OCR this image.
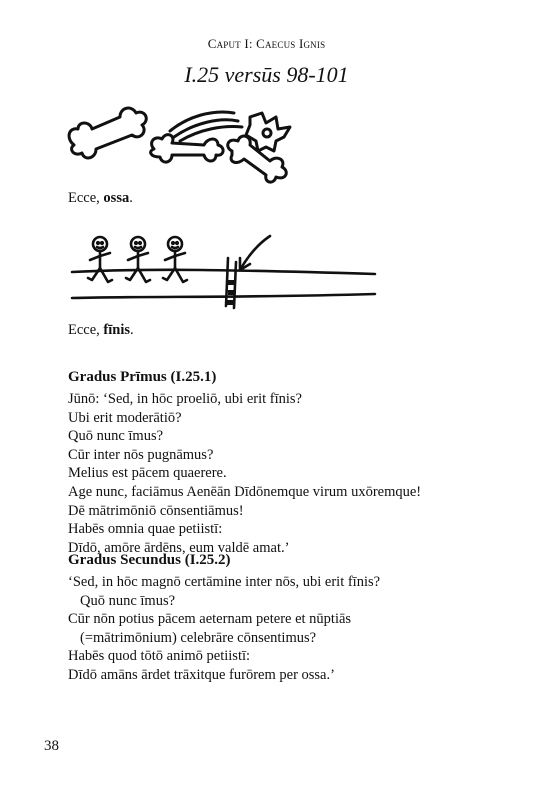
Caput I: Caecus Ignis
I.25 versūs 98-101
Ecce, ossa.
Ecce, fīnis.
Gradus Prīmus (I.25.1)
Jūnō: ‘Sed, in hōc proeliō, ubi erit fīnis?
Ubi erit moderātiō?
Quō nunc īmus?
Cūr inter nōs pugnāmus?
Melius est pācem quaerere.
Age nunc, faciāmus Aenēān Dīdōnemque virum uxōremque!
Dē mātrimōniō cōnsentiāmus!
Habēs omnia quae petiistī:
Dīdō, amōre ārdēns, eum valdē amat.’
Gradus Secundus (I.25.2)
‘Sed, in hōc magnō certāmine inter nōs, ubi erit fīnis?
Quō nunc īmus?
Cūr nōn potius pācem aeternam petere et nūptiās
(=mātrimōnium) celebrāre cōnsentimus?
Habēs quod tōtō animō petiistī:
Dīdō amāns ārdet trāxitque furōrem per ossa.’
38
